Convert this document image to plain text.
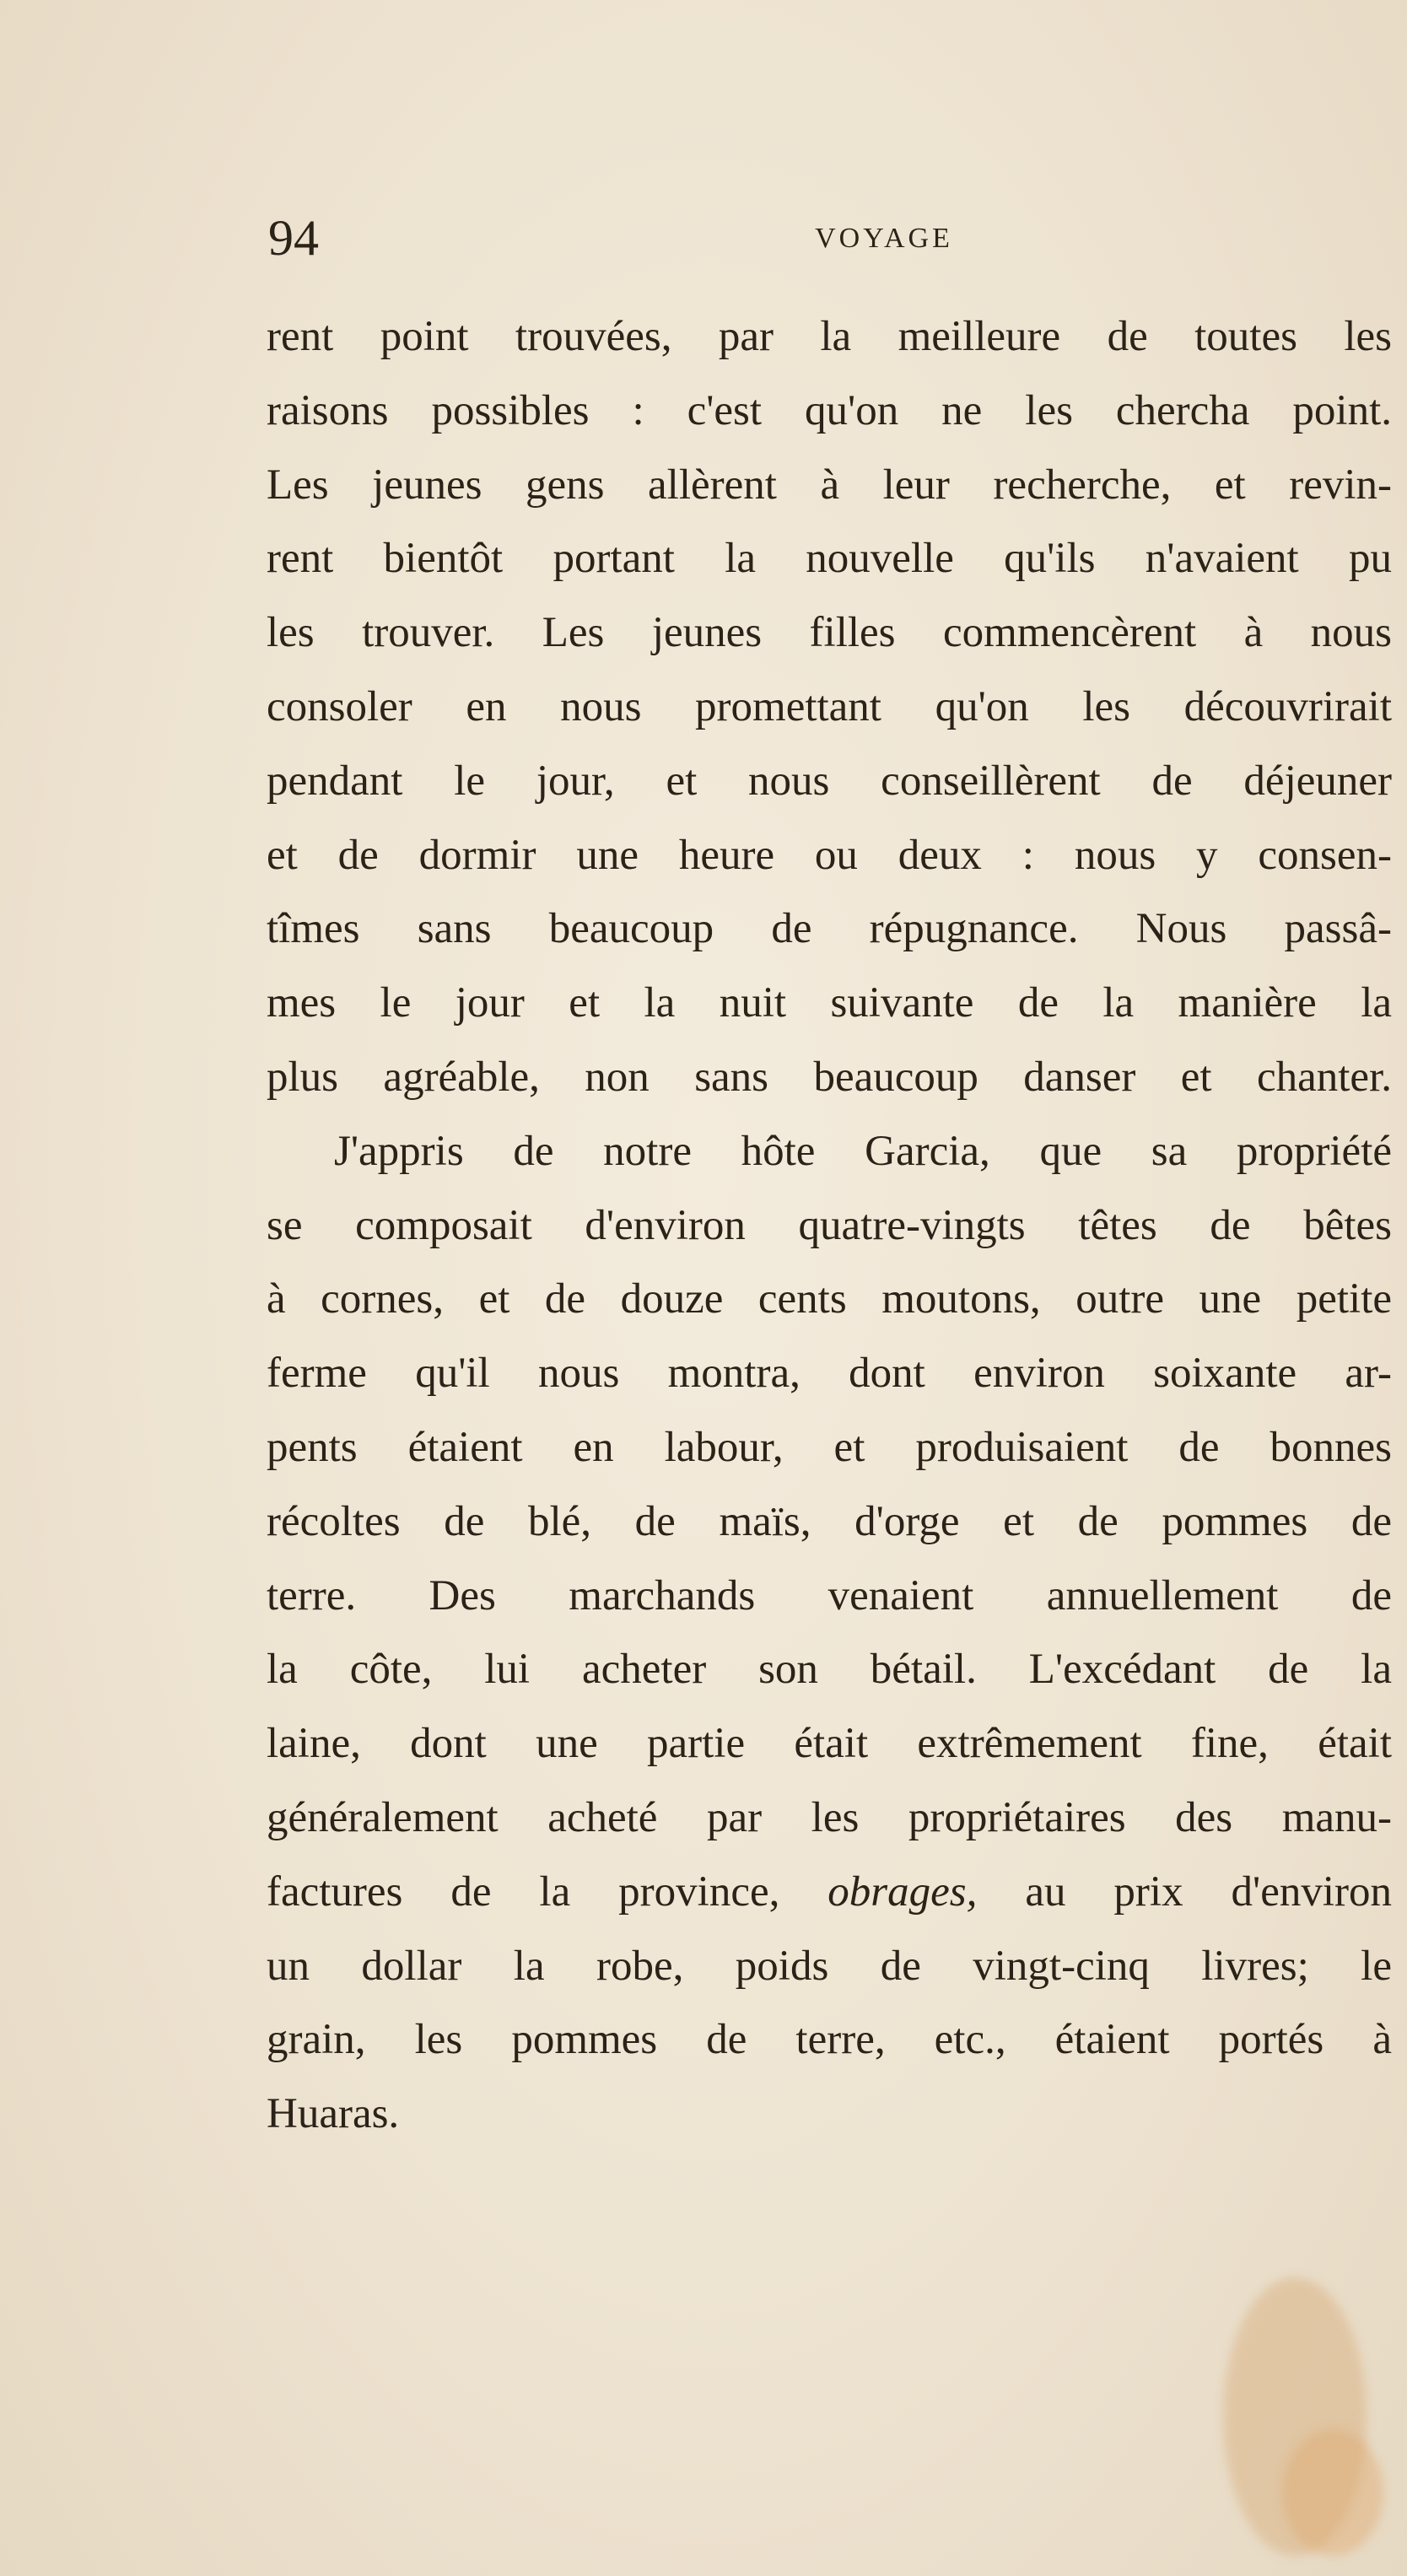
94	VOYAGE
rent point trouvées, par la meilleure de toutes les
raisons possibles : c'est qu'on ne les chercha point.
Les jeunes gens allèrent à leur recherche, et revin-
rent bientôt portant la nouvelle qu'ils n'avaient pu
les trouver. Les jeunes filles commencèrent à nous
consoler en nous promettant qu'on les découvrirait
pendant le jour, et nous conseillèrent de déjeuner
et de dormir une heure ou deux : nous y consen-
tîmes sans beaucoup de répugnance. Nous passâ-
mes le jour et la nuit suivante de la manière la
plus agréable, non sans beaucoup danser et chanter.
J'appris de notre hôte Garcia, que sa propriété
se composait d'environ quatre-vingts têtes de bêtes
à cornes, et de douze cents moutons, outre une petite
ferme qu'il nous montra, dont environ soixante ar-
pents étaient en labour, et produisaient de bonnes
récoltes de blé, de maïs, d'orge et de pommes de
terre. Des marchands venaient annuellement de
la côte, lui acheter son bétail. L'excédant de la
laine, dont une partie était extrêmement fine, était
généralement acheté par les propriétaires des manu-
factures de la province, obrages, au prix d'environ
un dollar la robe, poids de vingt-cinq livres; le
grain, les pommes de terre, etc., étaient portés à
Huaras.
